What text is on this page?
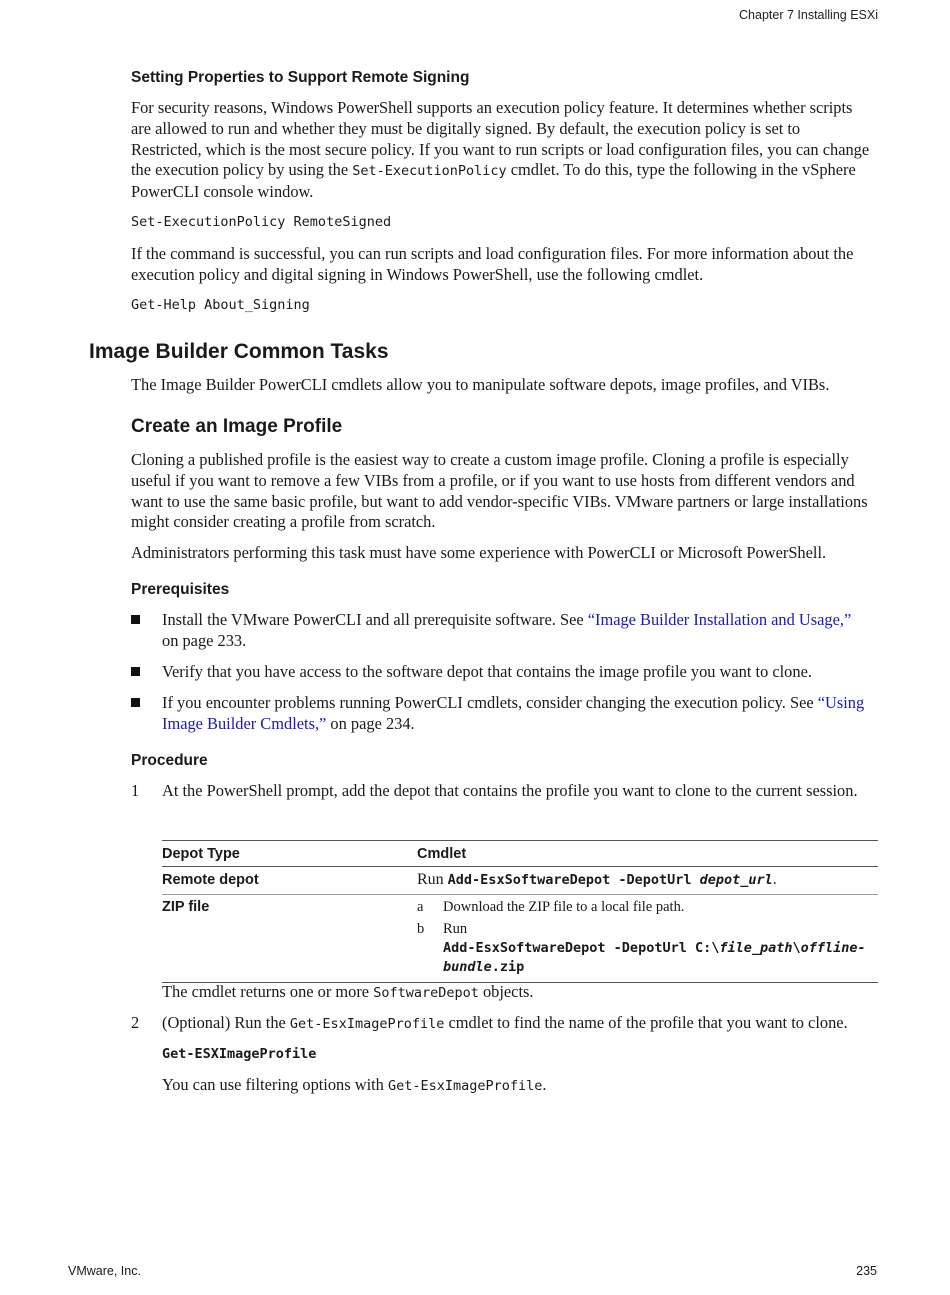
Chapter 7 Installing ESXi
Setting Properties to Support Remote Signing

For security reasons, Windows PowerShell supports an execution policy feature. It determines whether scripts are allowed to run and whether they must be digitally signed. By default, the execution policy is set to Restricted, which is the most secure policy. If you want to run scripts or load configuration files, you can change the execution policy by using the Set-ExecutionPolicy cmdlet. To do this, type the following in the vSphere PowerCLI console window.

Set-ExecutionPolicy RemoteSigned

If the command is successful, you can run scripts and load configuration files. For more information about the execution policy and digital signing in Windows PowerShell, use the following cmdlet.

Get-Help About_Signing
Image Builder Common Tasks

The Image Builder PowerCLI cmdlets allow you to manipulate software depots, image profiles, and VIBs.

Create an Image Profile

Cloning a published profile is the easiest way to create a custom image profile. Cloning a profile is especially useful if you want to remove a few VIBs from a profile, or if you want to use hosts from different vendors and want to use the same basic profile, but want to add vendor-specific VIBs. VMware partners or large installations might consider creating a profile from scratch.

Administrators performing this task must have some experience with PowerCLI or Microsoft PowerShell.

Prerequisites

Install the VMware PowerCLI and all prerequisite software. See “Image Builder Installation and Usage,” on page 233.

Verify that you have access to the software depot that contains the image profile you want to clone.

If you encounter problems running PowerCLI cmdlets, consider changing the execution policy. See “Using Image Builder Cmdlets,” on page 234.

Procedure
1 At the PowerShell prompt, add the depot that contains the profile you want to clone to the current session.

Depot Type	Cmdlet
Remote depot	Run Add-EsxSoftwareDepot -DepotUrl depot_url.
ZIP file	a Download the ZIP file to a local file path.
b Run
Add-EsxSoftwareDepot -DepotUrl C:\file_path\offline-bundle.zip

The cmdlet returns one or more SoftwareDepot objects.

2 (Optional) Run the Get-EsxImageProfile cmdlet to find the name of the profile that you want to clone.

Get-ESXImageProfile

You can use filtering options with Get-EsxImageProfile.

VMware, Inc.	235
